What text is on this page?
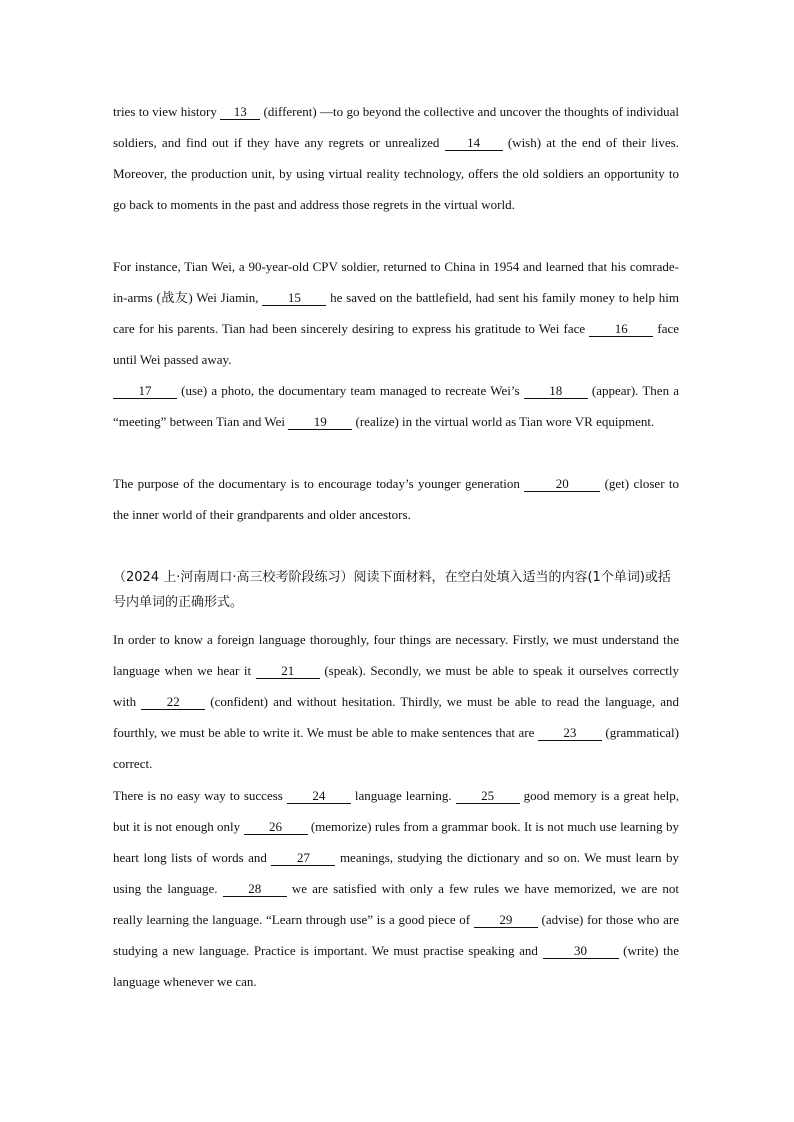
tries to view history 13 (different) —to go beyond the collective and uncover the thoughts of individual soldiers, and find out if they have any regrets or unrealized 14 (wish) at the end of their lives. Moreover, the production unit, by using virtual reality technology, offers the old soldiers an opportunity to go back to moments in the past and address those regrets in the virtual world.

For instance, Tian Wei, a 90-year-old CPV soldier, returned to China in 1954 and learned that his comrade-in-arms (战友) Wei Jiamin, 15 he saved on the battlefield, had sent his family money to help him care for his parents. Tian had been sincerely desiring to express his gratitude to Wei face 16 face until Wei passed away.

17 (use) a photo, the documentary team managed to recreate Wei’s 18 (appear). Then a “meeting” between Tian and Wei 19 (realize) in the virtual world as Tian wore VR equipment.

The purpose of the documentary is to encourage today’s younger generation 20 (get) closer to the inner world of their grandparents and older ancestors.

（2024 上·河南周口·高三校考阶段练习）阅读下面材料，在空白处填入适当的内容(1个单词)或括号内单词的正确形式。

In order to know a foreign language thoroughly, four things are necessary. Firstly, we must understand the language when we hear it 21 (speak). Secondly, we must be able to speak it ourselves correctly with 22 (confident) and without hesitation. Thirdly, we must be able to read the language, and fourthly, we must be able to write it. We must be able to make sentences that are 23 (grammatical) correct.

There is no easy way to success 24 language learning. 25 good memory is a great help, but it is not enough only 26 (memorize) rules from a grammar book. It is not much use learning by heart long lists of words and 27 meanings, studying the dictionary and so on. We must learn by using the language. 28 we are satisfied with only a few rules we have memorized, we are not really learning the language. “Learn through use” is a good piece of 29 (advise) for those who are studying a new language. Practice is important. We must practise speaking and 30 (write) the language whenever we can.
